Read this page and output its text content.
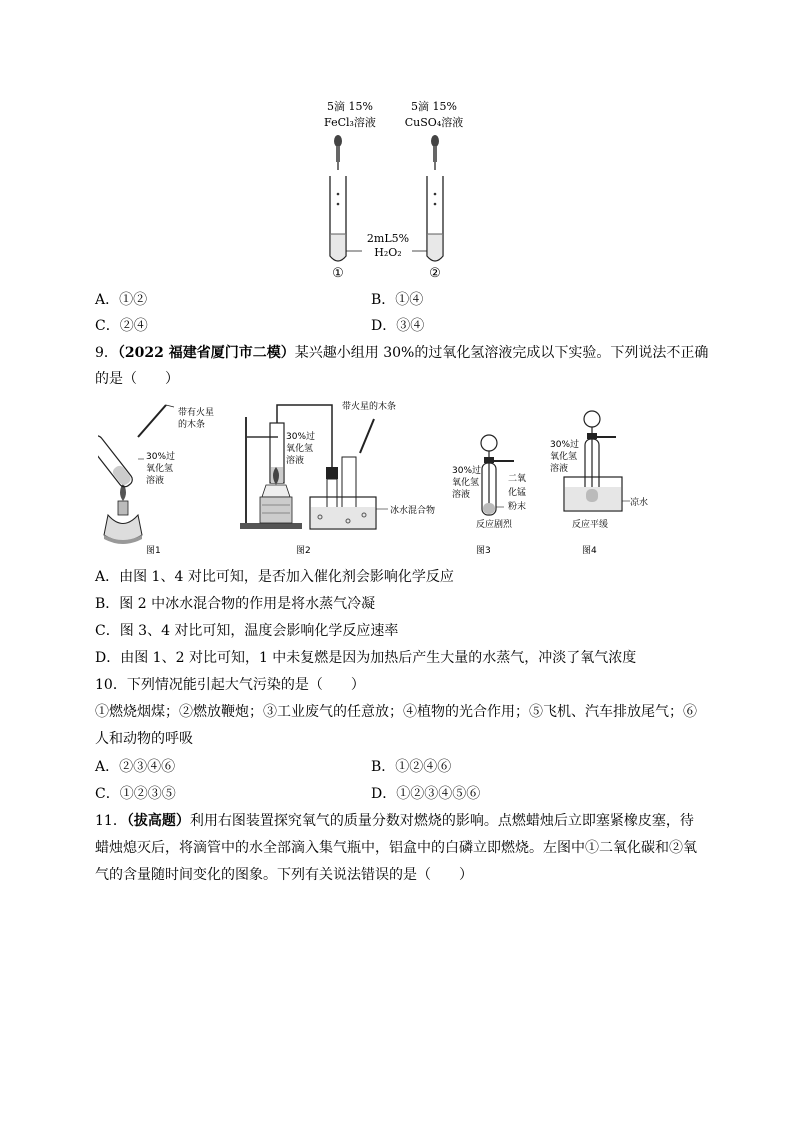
5滴 15%
FeCl₃溶液
5滴 15%
CuSO₄溶液
2mL5%
H₂O₂
①	②
A．①②	B．①④
C．②④	D．③④
9．（2022 福建省厦门市二模）某兴趣小组用 30%的过氧化氢溶液完成以下实验。下列说法不正确
的是（　　）
带有火星
的木条
30%过
氧化氢
溶液
图1
带火星的木条
30%过
氧化氢
溶液
冰水混合物
图2
30%过
氧化氢
溶液
二氧
化锰
粉末
反应剧烈
图3
30%过
氧化氢
溶液
凉水
反应平缓
图4
A．由图 1、4 对比可知，是否加入催化剂会影响化学反应
B．图 2 中冰水混合物的作用是将水蒸气冷凝
C．图 3、4 对比可知，温度会影响化学反应速率
D．由图 1、2 对比可知，1 中未复燃是因为加热后产生大量的水蒸气，冲淡了氧气浓度
10．下列情况能引起大气污染的是（　　）
①燃烧烟煤；②燃放鞭炮；③工业废气的任意放；④植物的光合作用；⑤飞机、汽车排放尾气；⑥
人和动物的呼吸
A．②③④⑥	B．①②④⑥
C．①②③⑤	D．①②③④⑤⑥
11．（拔高题）利用右图装置探究氧气的质量分数对燃烧的影响。点燃蜡烛后立即塞紧橡皮塞，待
蜡烛熄灭后，将滴管中的水全部滴入集气瓶中，铝盒中的白磷立即燃烧。左图中①二氧化碳和②氧
气的含量随时间变化的图象。下列有关说法错误的是（　　）
